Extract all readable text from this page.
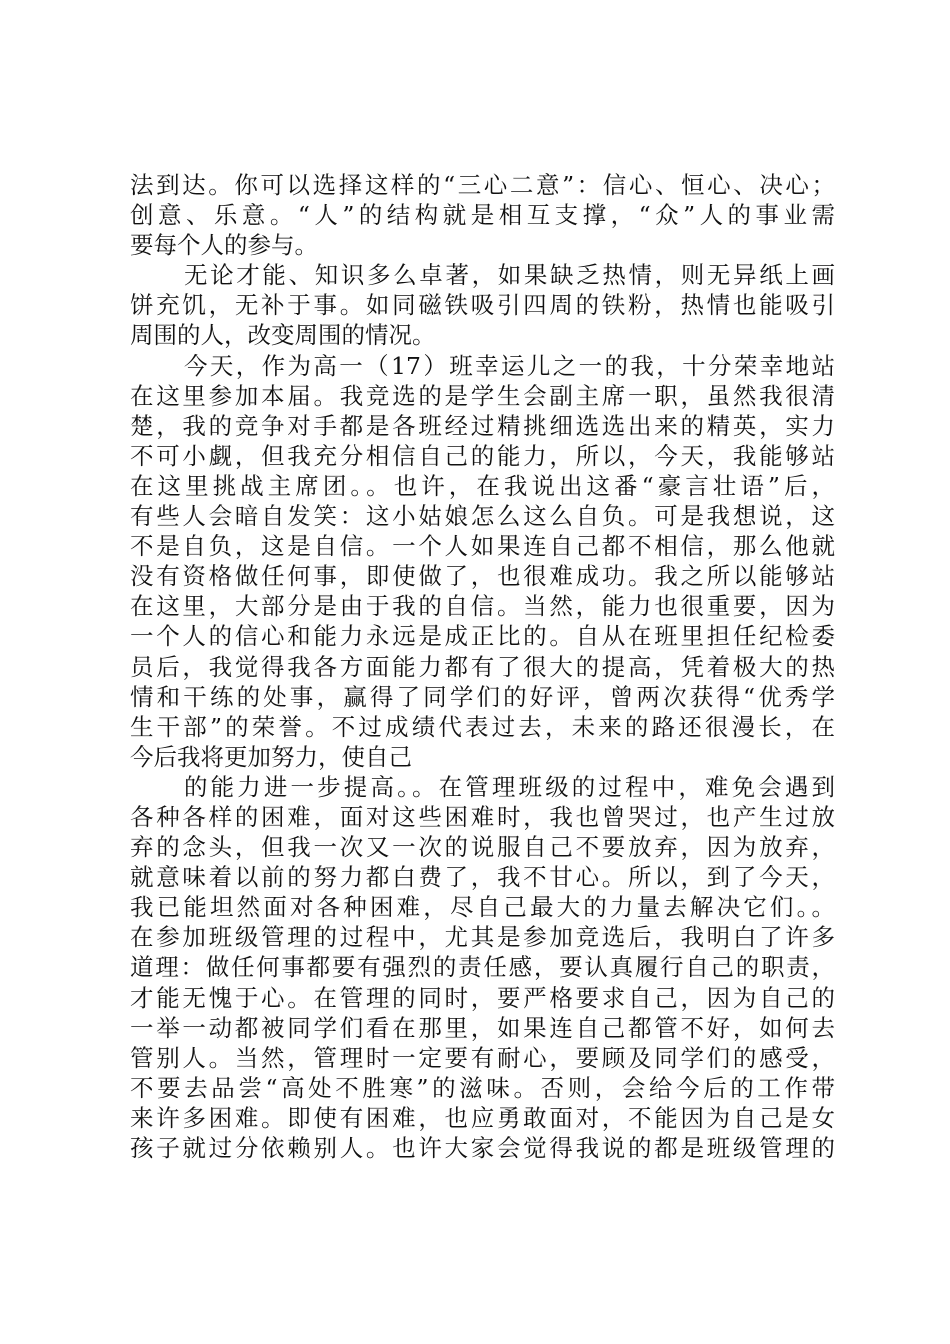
法到达。你可以选择这样的“三心二意”：信心、恒心、决心；
创意、乐意。“人”的结构就是相互支撑，“众”人的事业需
要每个人的参与。
无论才能、知识多么卓著，如果缺乏热情，则无异纸上画
饼充饥，无补于事。如同磁铁吸引四周的铁粉，热情也能吸引
周围的人，改变周围的情况。
今天，作为高一（17）班幸运儿之一的我，十分荣幸地站
在这里参加本届。我竞选的是学生会副主席一职，虽然我很清
楚，我的竞争对手都是各班经过精挑细选选出来的精英，实力
不可小觑，但我充分相信自己的能力，所以，今天，我能够站
在这里挑战主席团。。也许，在我说出这番“豪言壮语”后，
有些人会暗自发笑：这小姑娘怎么这么自负。可是我想说，这
不是自负，这是自信。一个人如果连自己都不相信，那么他就
没有资格做任何事，即使做了，也很难成功。我之所以能够站
在这里，大部分是由于我的自信。当然，能力也很重要，因为
一个人的信心和能力永远是成正比的。自从在班里担任纪检委
员后，我觉得我各方面能力都有了很大的提高，凭着极大的热
情和干练的处事，赢得了同学们的好评，曾两次获得“优秀学
生干部”的荣誉。不过成绩代表过去，未来的路还很漫长，在
今后我将更加努力，使自己
的能力进一步提高。。在管理班级的过程中，难免会遇到
各种各样的困难，面对这些困难时，我也曾哭过，也产生过放
弃的念头，但我一次又一次的说服自己不要放弃，因为放弃，
就意味着以前的努力都白费了，我不甘心。所以，到了今天，
我已能坦然面对各种困难，尽自己最大的力量去解决它们。。
在参加班级管理的过程中，尤其是参加竞选后，我明白了许多
道理：做任何事都要有强烈的责任感，要认真履行自己的职责，
才能无愧于心。在管理的同时，要严格要求自己，因为自己的
一举一动都被同学们看在那里，如果连自己都管不好，如何去
管别人。当然，管理时一定要有耐心，要顾及同学们的感受，
不要去品尝“高处不胜寒”的滋味。否则，会给今后的工作带
来许多困难。即使有困难，也应勇敢面对，不能因为自己是女
孩子就过分依赖别人。也许大家会觉得我说的都是班级管理的
